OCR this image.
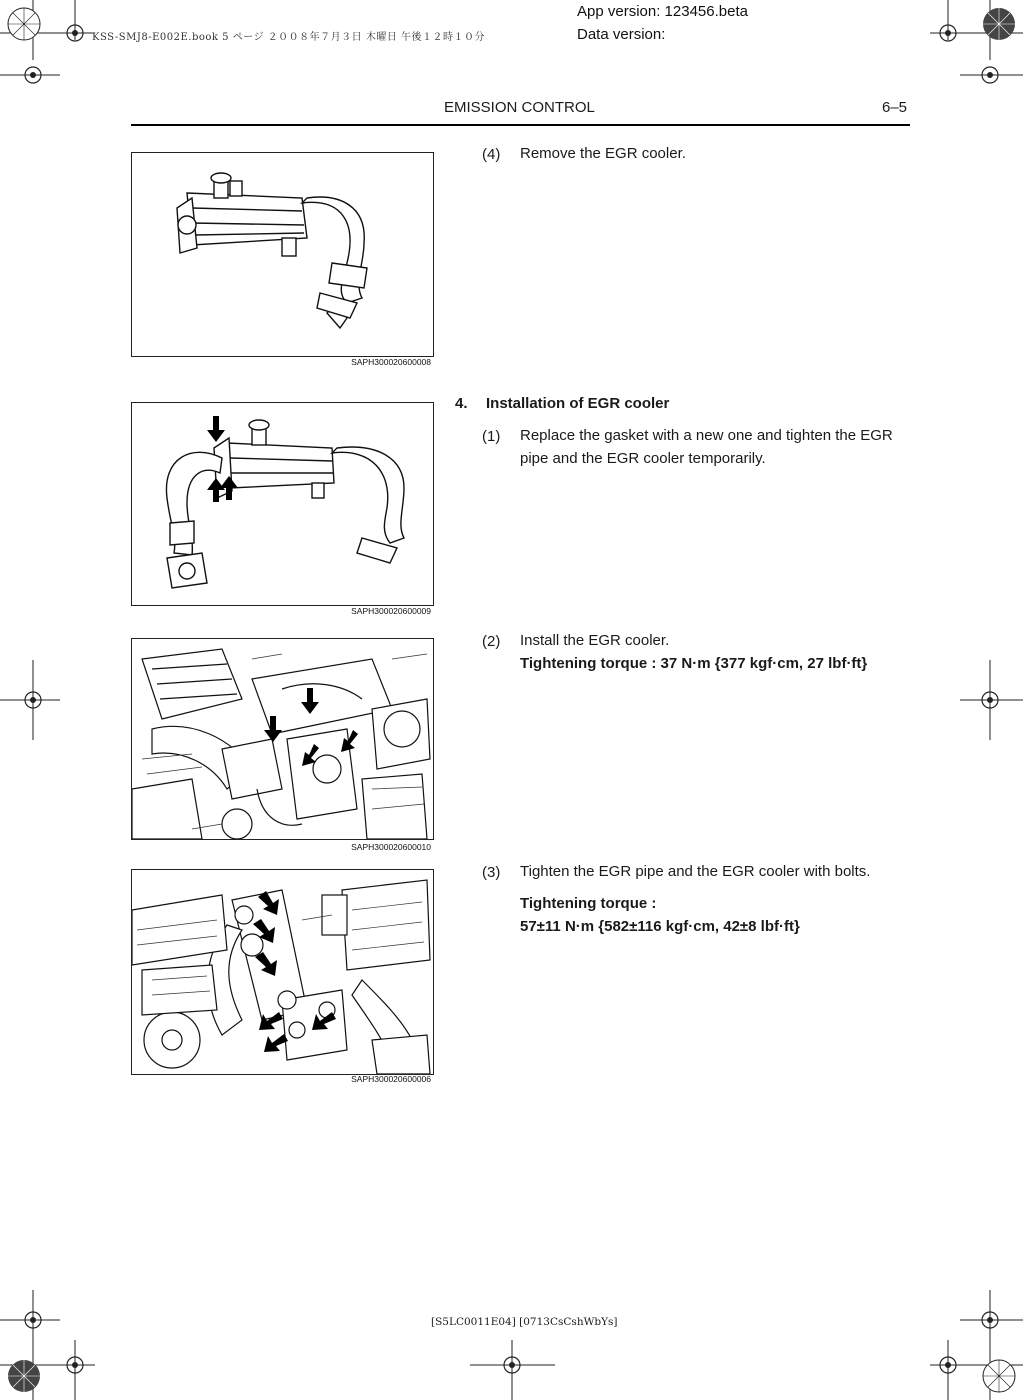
App version: 123456.beta
Data version:
KSS-SMJ8-E002E.book 5 ページ ２００８年７月３日 木曜日 午後１２時１０分
EMISSION CONTROL	6–5
SAPH300020600008
(4) Remove the EGR cooler.
SAPH300020600009
4. Installation of EGR cooler
(1) Replace the gasket with a new one and tighten the EGR pipe and the EGR cooler temporarily.
SAPH300020600010
(2) Install the EGR cooler.
Tightening torque : 37 N·m {377 kgf·cm, 27 lbf·ft}
SAPH300020600006
(3) Tighten the EGR pipe and the EGR cooler with bolts.
Tightening torque :
57±11 N·m {582±116 kgf·cm, 42±8 lbf·ft}
[S5LC0011E04] [0713CsCshWbYs]
